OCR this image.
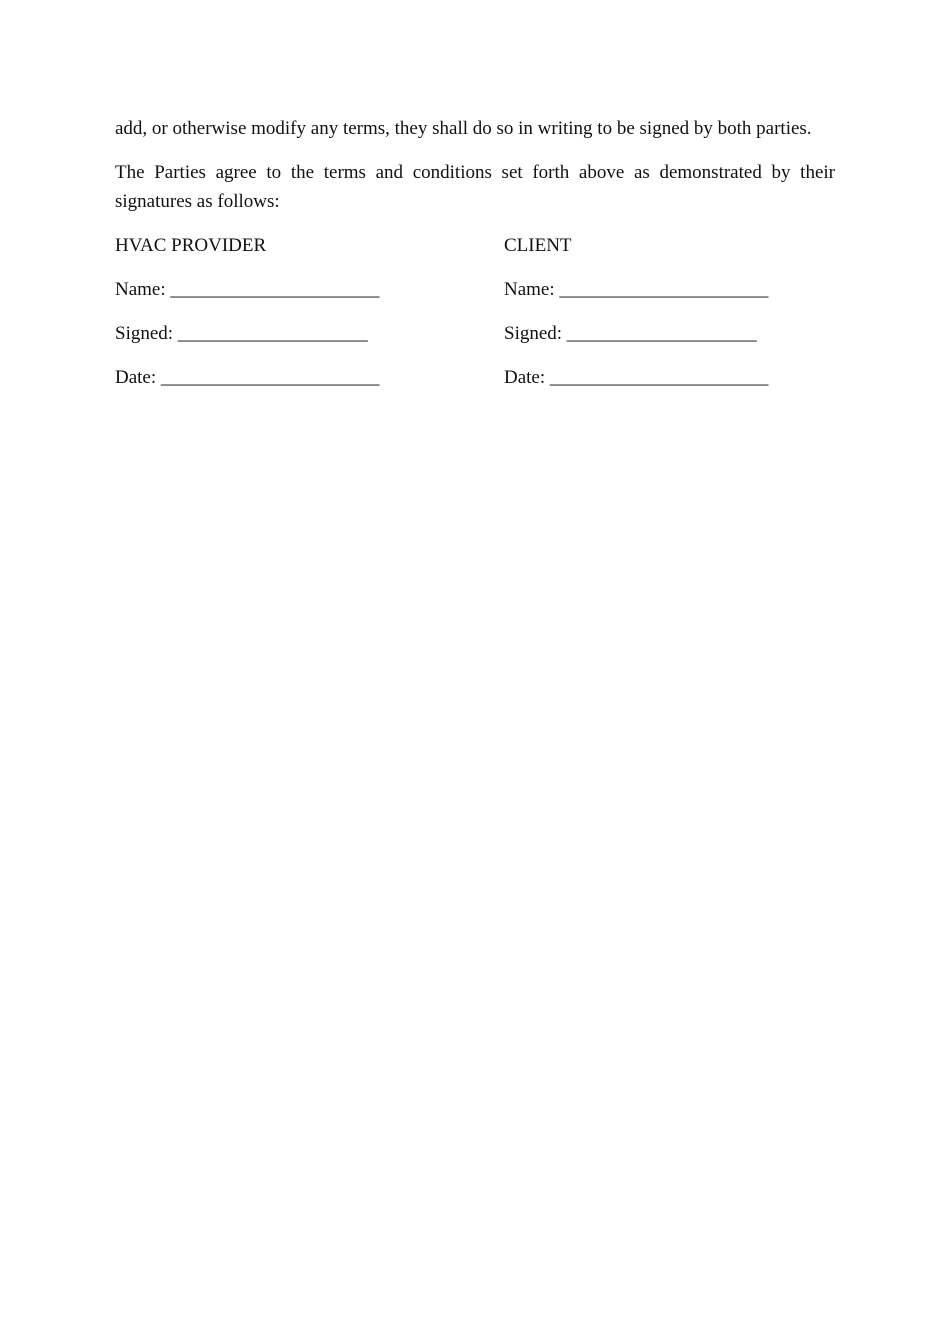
add, or otherwise modify any terms, they shall do so in writing to be signed by both parties.

The Parties agree to the terms and conditions set forth above as demonstrated by their signatures as follows:

HVAC PROVIDER
Name: ______________________
Signed: ____________________
Date: _______________________
CLIENT
Name: ______________________
Signed: ____________________
Date: _______________________
